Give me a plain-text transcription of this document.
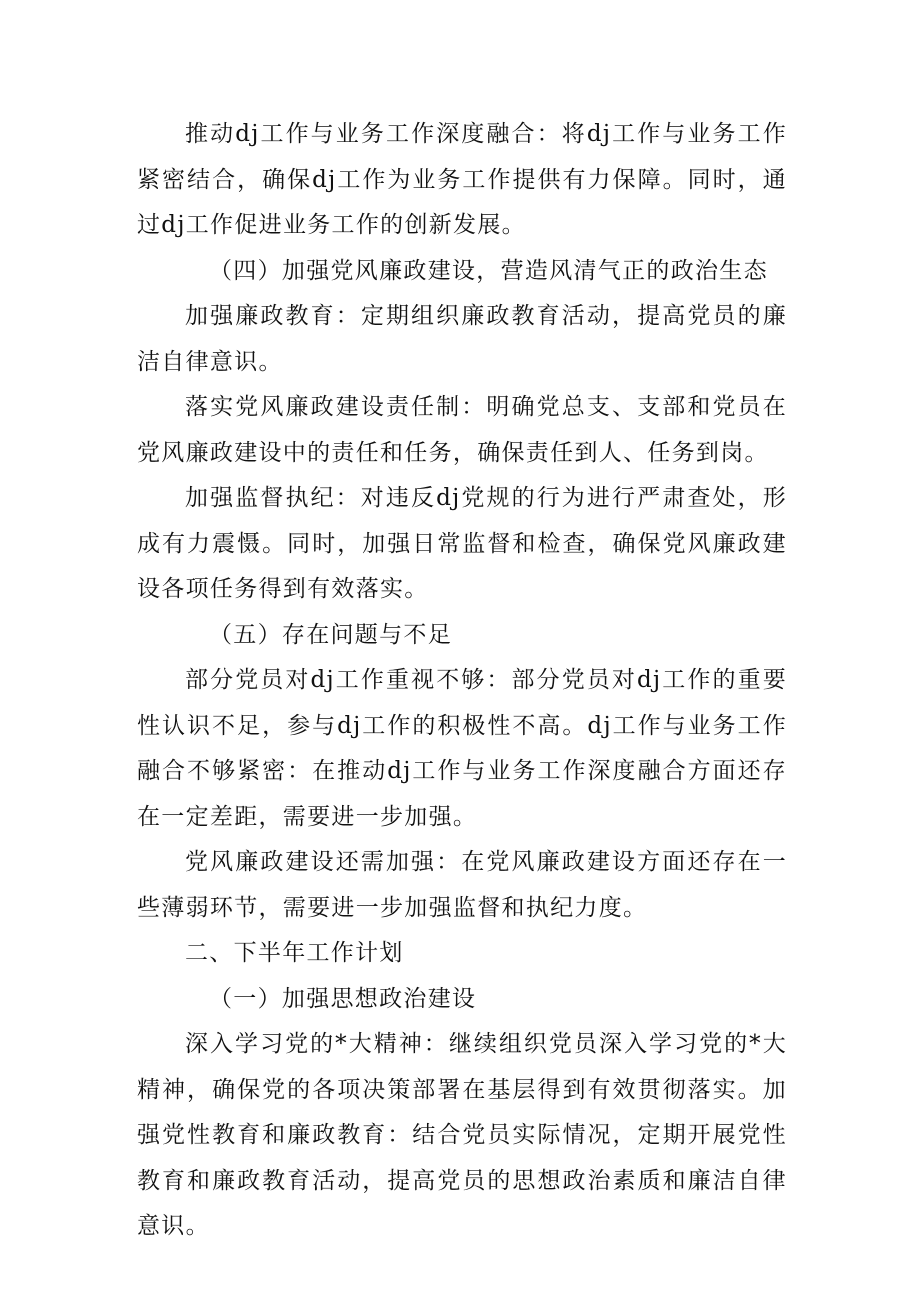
推动dj工作与业务工作深度融合：将dj工作与业务工作紧密结合，确保dj工作为业务工作提供有力保障。同时，通过dj工作促进业务工作的创新发展。

（四）加强党风廉政建设，营造风清气正的政治生态

加强廉政教育：定期组织廉政教育活动，提高党员的廉洁自律意识。

落实党风廉政建设责任制：明确党总支、支部和党员在党风廉政建设中的责任和任务，确保责任到人、任务到岗。

加强监督执纪：对违反dj党规的行为进行严肃查处，形成有力震慑。同时，加强日常监督和检查，确保党风廉政建设各项任务得到有效落实。

（五）存在问题与不足

部分党员对dj工作重视不够：部分党员对dj工作的重要性认识不足，参与dj工作的积极性不高。dj工作与业务工作融合不够紧密：在推动dj工作与业务工作深度融合方面还存在一定差距，需要进一步加强。

党风廉政建设还需加强：在党风廉政建设方面还存在一些薄弱环节，需要进一步加强监督和执纪力度。

二、下半年工作计划

（一）加强思想政治建设

深入学习党的*大精神：继续组织党员深入学习党的*大精神，确保党的各项决策部署在基层得到有效贯彻落实。加强党性教育和廉政教育：结合党员实际情况，定期开展党性教育和廉政教育活动，提高党员的思想政治素质和廉洁自律意识。
